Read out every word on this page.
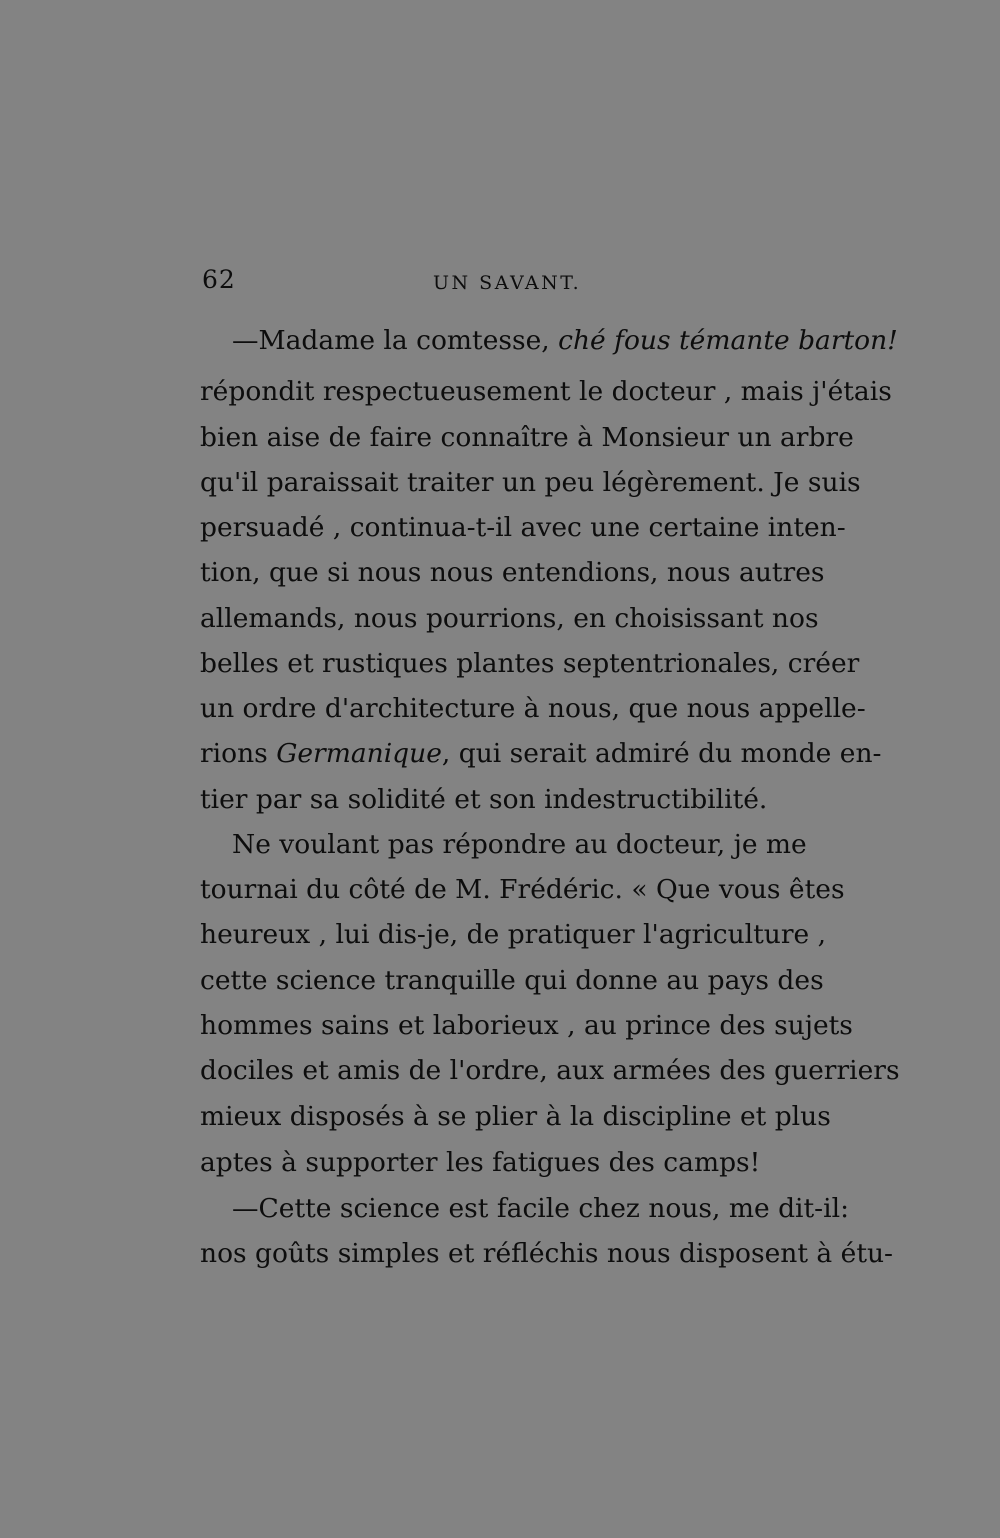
62	UN SAVANT.
—Madame la comtesse, ché fous témante barton!
répondit respectueusement le docteur , mais j'étais
bien aise de faire connaître à Monsieur un arbre
qu'il paraissait traiter un peu légèrement. Je suis
persuadé , continua-t-il avec une certaine inten-
tion, que si nous nous entendions, nous autres
allemands, nous pourrions, en choisissant nos
belles et rustiques plantes septentrionales, créer
un ordre d'architecture à nous, que nous appelle-
rions Germanique, qui serait admiré du monde en-
tier par sa solidité et son indestructibilité.
Ne voulant pas répondre au docteur, je me
tournai du côté de M. Frédéric. « Que vous êtes
heureux , lui dis-je, de pratiquer l'agriculture ,
cette science tranquille qui donne au pays des
hommes sains et laborieux , au prince des sujets
dociles et amis de l'ordre, aux armées des guerriers
mieux disposés à se plier à la discipline et plus
aptes à supporter les fatigues des camps!
—Cette science est facile chez nous, me dit-il:
nos goûts simples et réfléchis nous disposent à étu-
